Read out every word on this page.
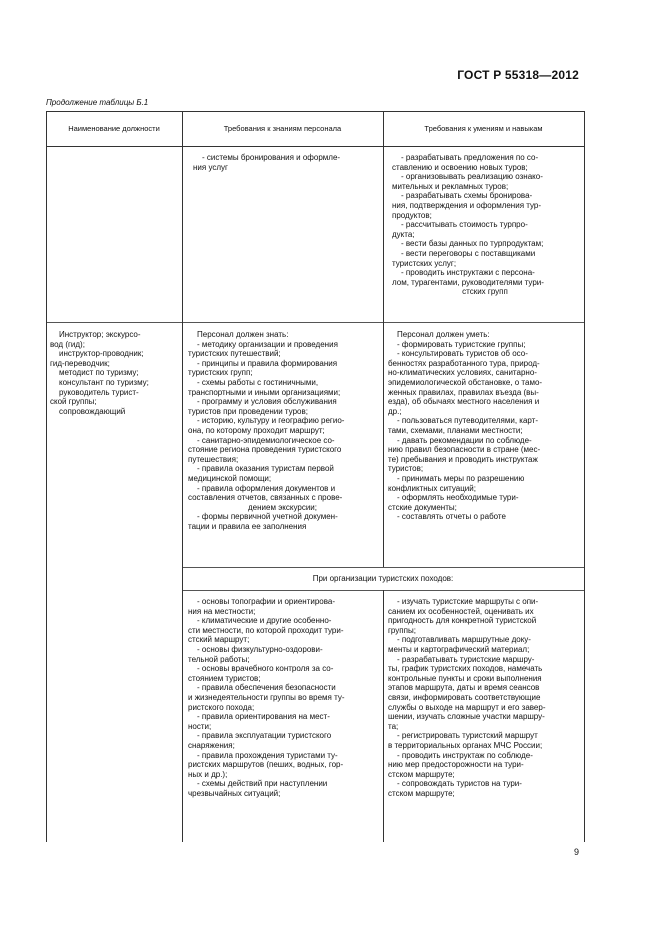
ГОСТ Р 55318—2012
Продолжение таблицы Б.1
9
Наименование должности	Требования к знаниям персонала	Требования к умениям и навыкам
- системы бронирования и оформле-
ния услуг
- разрабатывать предложения по со-
ставлению и освоению новых туров;
- организовывать реализацию ознако-
мительных и рекламных туров;
- разрабатывать схемы бронирова-
ния, подтверждения и оформления тур-
продуктов;
- рассчитывать стоимость турпро-
дукта;
- вести базы данных по турпродуктам;
- вести переговоры с поставщиками
туристских услуг;
- проводить инструктажи с персона-
лом, турагентами, руководителями тури-
стских групп
Инструктор; экскурсо-
вод (гид);
инструктор-проводник;
гид-переводчик;
методист по туризму;
консультант по туризму;
руководитель турист-
ской группы;
сопровождающий
Персонал должен знать:
- методику организации и проведения
туристских путешествий;
- принципы и правила формирования
туристских групп;
- схемы работы с гостиничными,
транспортными и иными организациями;
- программу и условия обслуживания
туристов при проведении туров;
- историю, культуру и географию регио-
она, по которому проходит маршрут;
- санитарно-эпидемиологическое со-
стояние региона проведения туристского
путешествия;
- правила оказания туристам первой
медицинской помощи;
- правила оформления документов и
составления отчетов, связанных с прове-
дением экскурсии;
- формы первичной учетной докумен-
тации и правила ее заполнения
Персонал должен уметь:
- формировать туристские группы;
- консультировать туристов об осо-
бенностях разработанного тура, природ-
но-климатических условиях, санитарно-
эпидемиологической обстановке, о тамо-
женных правилах, правилах въезда (вы-
езда), об обычаях местного населения и
др.;
- пользоваться путеводителями, карт-
тами, схемами, планами местности;
- давать рекомендации по соблюде-
нию правил безопасности в стране (мес-
те) пребывания и проводить инструктаж
туристов;
- принимать меры по разрешению
конфликтных ситуаций;
- оформлять необходимые тури-
стские документы;
- составлять отчеты о работе
При организации туристских походов:
- основы топографии и ориентирова-
ния на местности;
- климатические и другие особенно-
сти местности, по которой проходит тури-
стский маршрут;
- основы физкультурно-оздорови-
тельной работы;
- основы врачебного контроля за со-
стоянием туристов;
- правила обеспечения безопасности
и жизнедеятельности группы во время ту-
ристского похода;
- правила ориентирования на мест-
ности;
- правила эксплуатации туристского
снаряжения;
- правила прохождения туристами ту-
ристских маршрутов (пеших, водных, гор-
ных и др.);
- схемы действий при наступлении
чрезвычайных ситуаций;
- изучать туристские маршруты с опи-
санием их особенностей, оценивать их
пригодность для конкретной туристской
группы;
- подготавливать маршрутные доку-
менты и картографический материал;
- разрабатывать туристские маршру-
ты, график туристских походов, намечать
контрольные пункты и сроки выполнения
этапов маршрута, даты и время сеансов
связи, информировать соответствующие
службы о выходе на маршрут и его завер-
шении, изучать сложные участки маршру-
та;
- регистрировать туристский маршрут
в территориальных органах МЧС России;
- проводить инструктаж по соблюде-
нию мер предосторожности на тури-
стском маршруте;
- сопровождать туристов на тури-
стском маршруте;
